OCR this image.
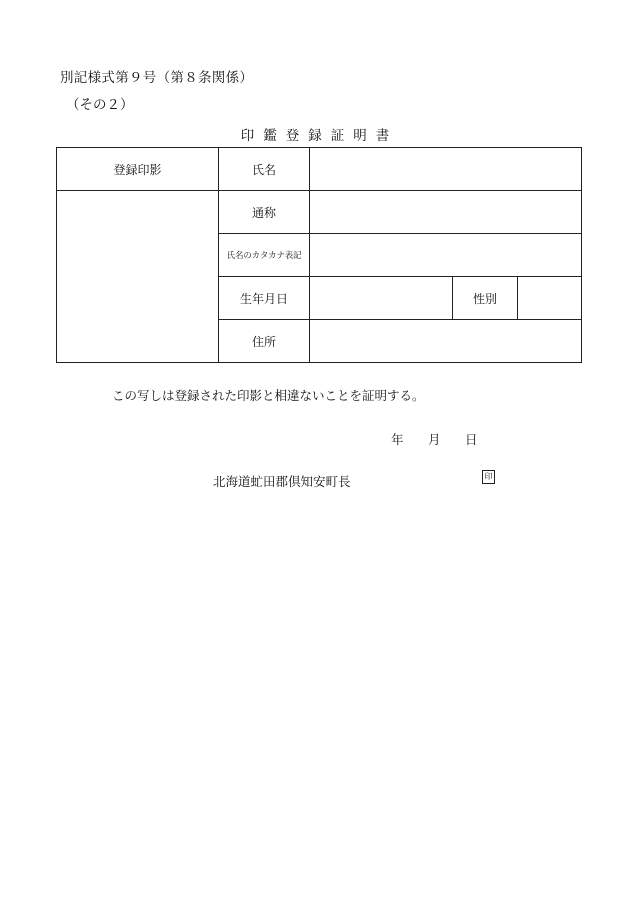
別記様式第９号（第８条関係）
（その２）
印鑑登録証明書
登録印影	氏名			
	通称			
	氏名のカタカナ表記			
	生年月日		性別	
	住所			
この写しは登録された印影と相違ないことを証明する。
年 月 日
北海道虻田郡倶知安町長	印
